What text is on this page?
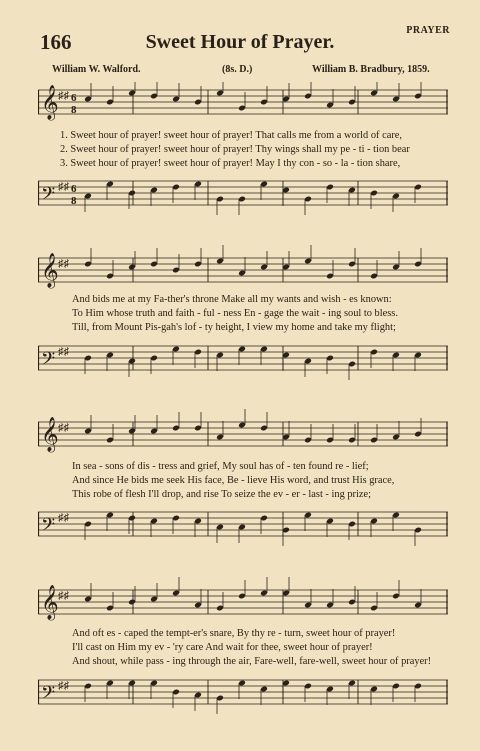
166	Sweet Hour of Prayer.
PRAYER
William W. Walford.	(8s. D.)	William B. Bradbury, 1859.
𝄞 ♯♯ 6
8
1. Sweet hour of prayer! sweet hour of prayer! That calls me from a world of care,
2. Sweet hour of prayer! sweet hour of prayer! Thy wings shall my pe - ti - tion bear
3. Sweet hour of prayer! sweet hour of prayer! May I thy con - so - la - tion share,
𝄢 ♯♯ 6
8
𝄞 ♯♯
And bids me at my Fa-ther's throne Make all my wants and wish - es known:
To Him whose truth and faith - ful - ness En - gage the wait - ing soul to bless.
Till, from Mount Pis-gah's lof - ty height, I view my home and take my flight;
𝄢 ♯♯
𝄞 ♯♯
In sea - sons of dis - tress and grief, My soul has of - ten found re - lief;
And since He bids me seek His face, Be - lieve His word, and trust His grace,
This robe of flesh I'll drop, and rise To seize the ev - er - last - ing prize;
𝄢 ♯♯
𝄞 ♯♯
And oft es - caped the tempt-er's snare, By thy re - turn, sweet hour of prayer!
I'll cast on Him my ev - 'ry care And wait for thee, sweet hour of prayer!
And shout, while pass - ing through the air, Fare-well, fare-well, sweet hour of prayer!
𝄢 ♯♯
